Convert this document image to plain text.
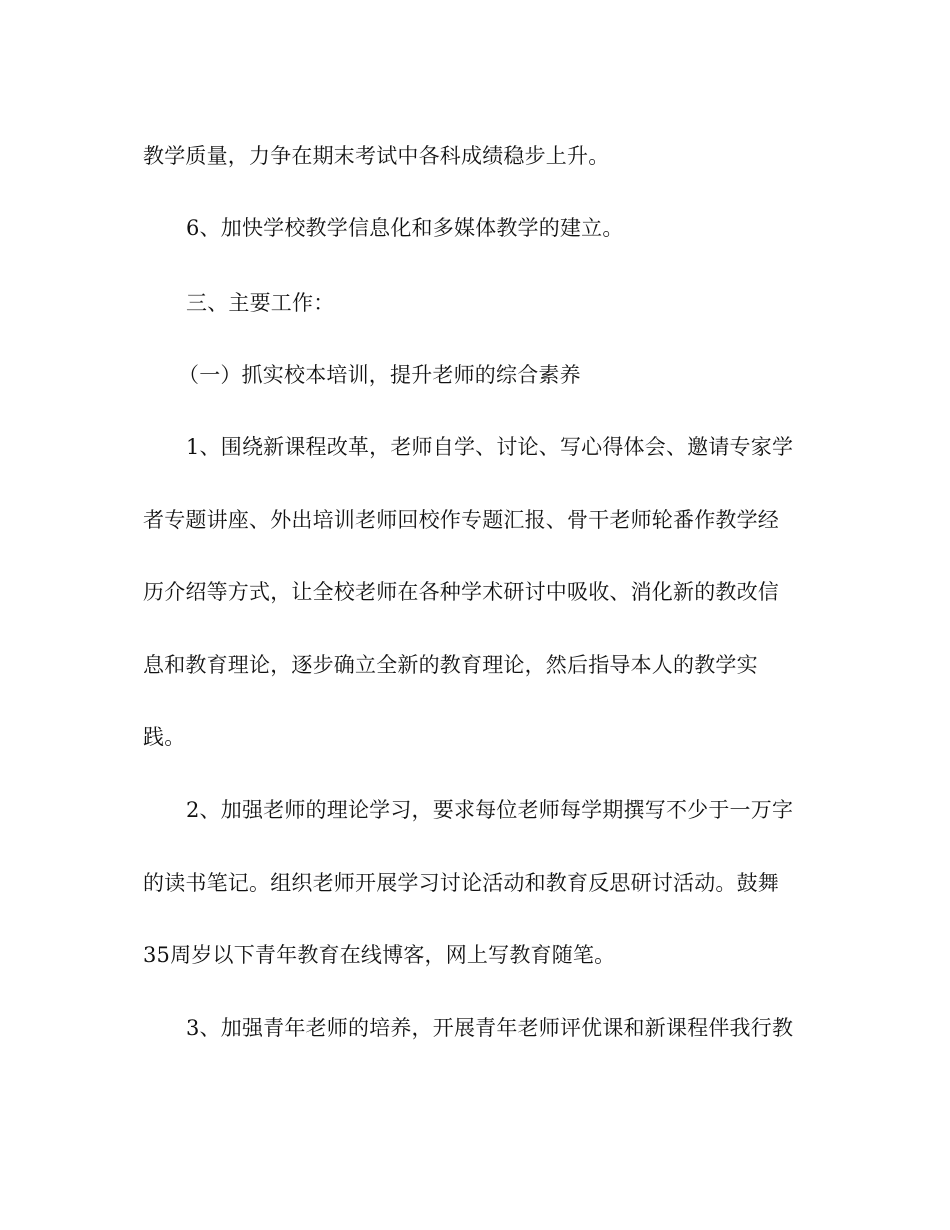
教学质量，力争在期末考试中各科成绩稳步上升。
6、加快学校教学信息化和多媒体教学的建立。
三、主要工作：
（一）抓实校本培训，提升老师的综合素养
1、围绕新课程改革，老师自学、讨论、写心得体会、邀请专家学
者专题讲座、外出培训老师回校作专题汇报、骨干老师轮番作教学经
历介绍等方式，让全校老师在各种学术研讨中吸收、消化新的教改信
息和教育理论，逐步确立全新的教育理论，然后指导本人的教学实
践。
2、加强老师的理论学习，要求每位老师每学期撰写不少于一万字
的读书笔记。组织老师开展学习讨论活动和教育反思研讨活动。鼓舞
35周岁以下青年教育在线博客，网上写教育随笔。
3、加强青年老师的培养，开展青年老师评优课和新课程伴我行教
